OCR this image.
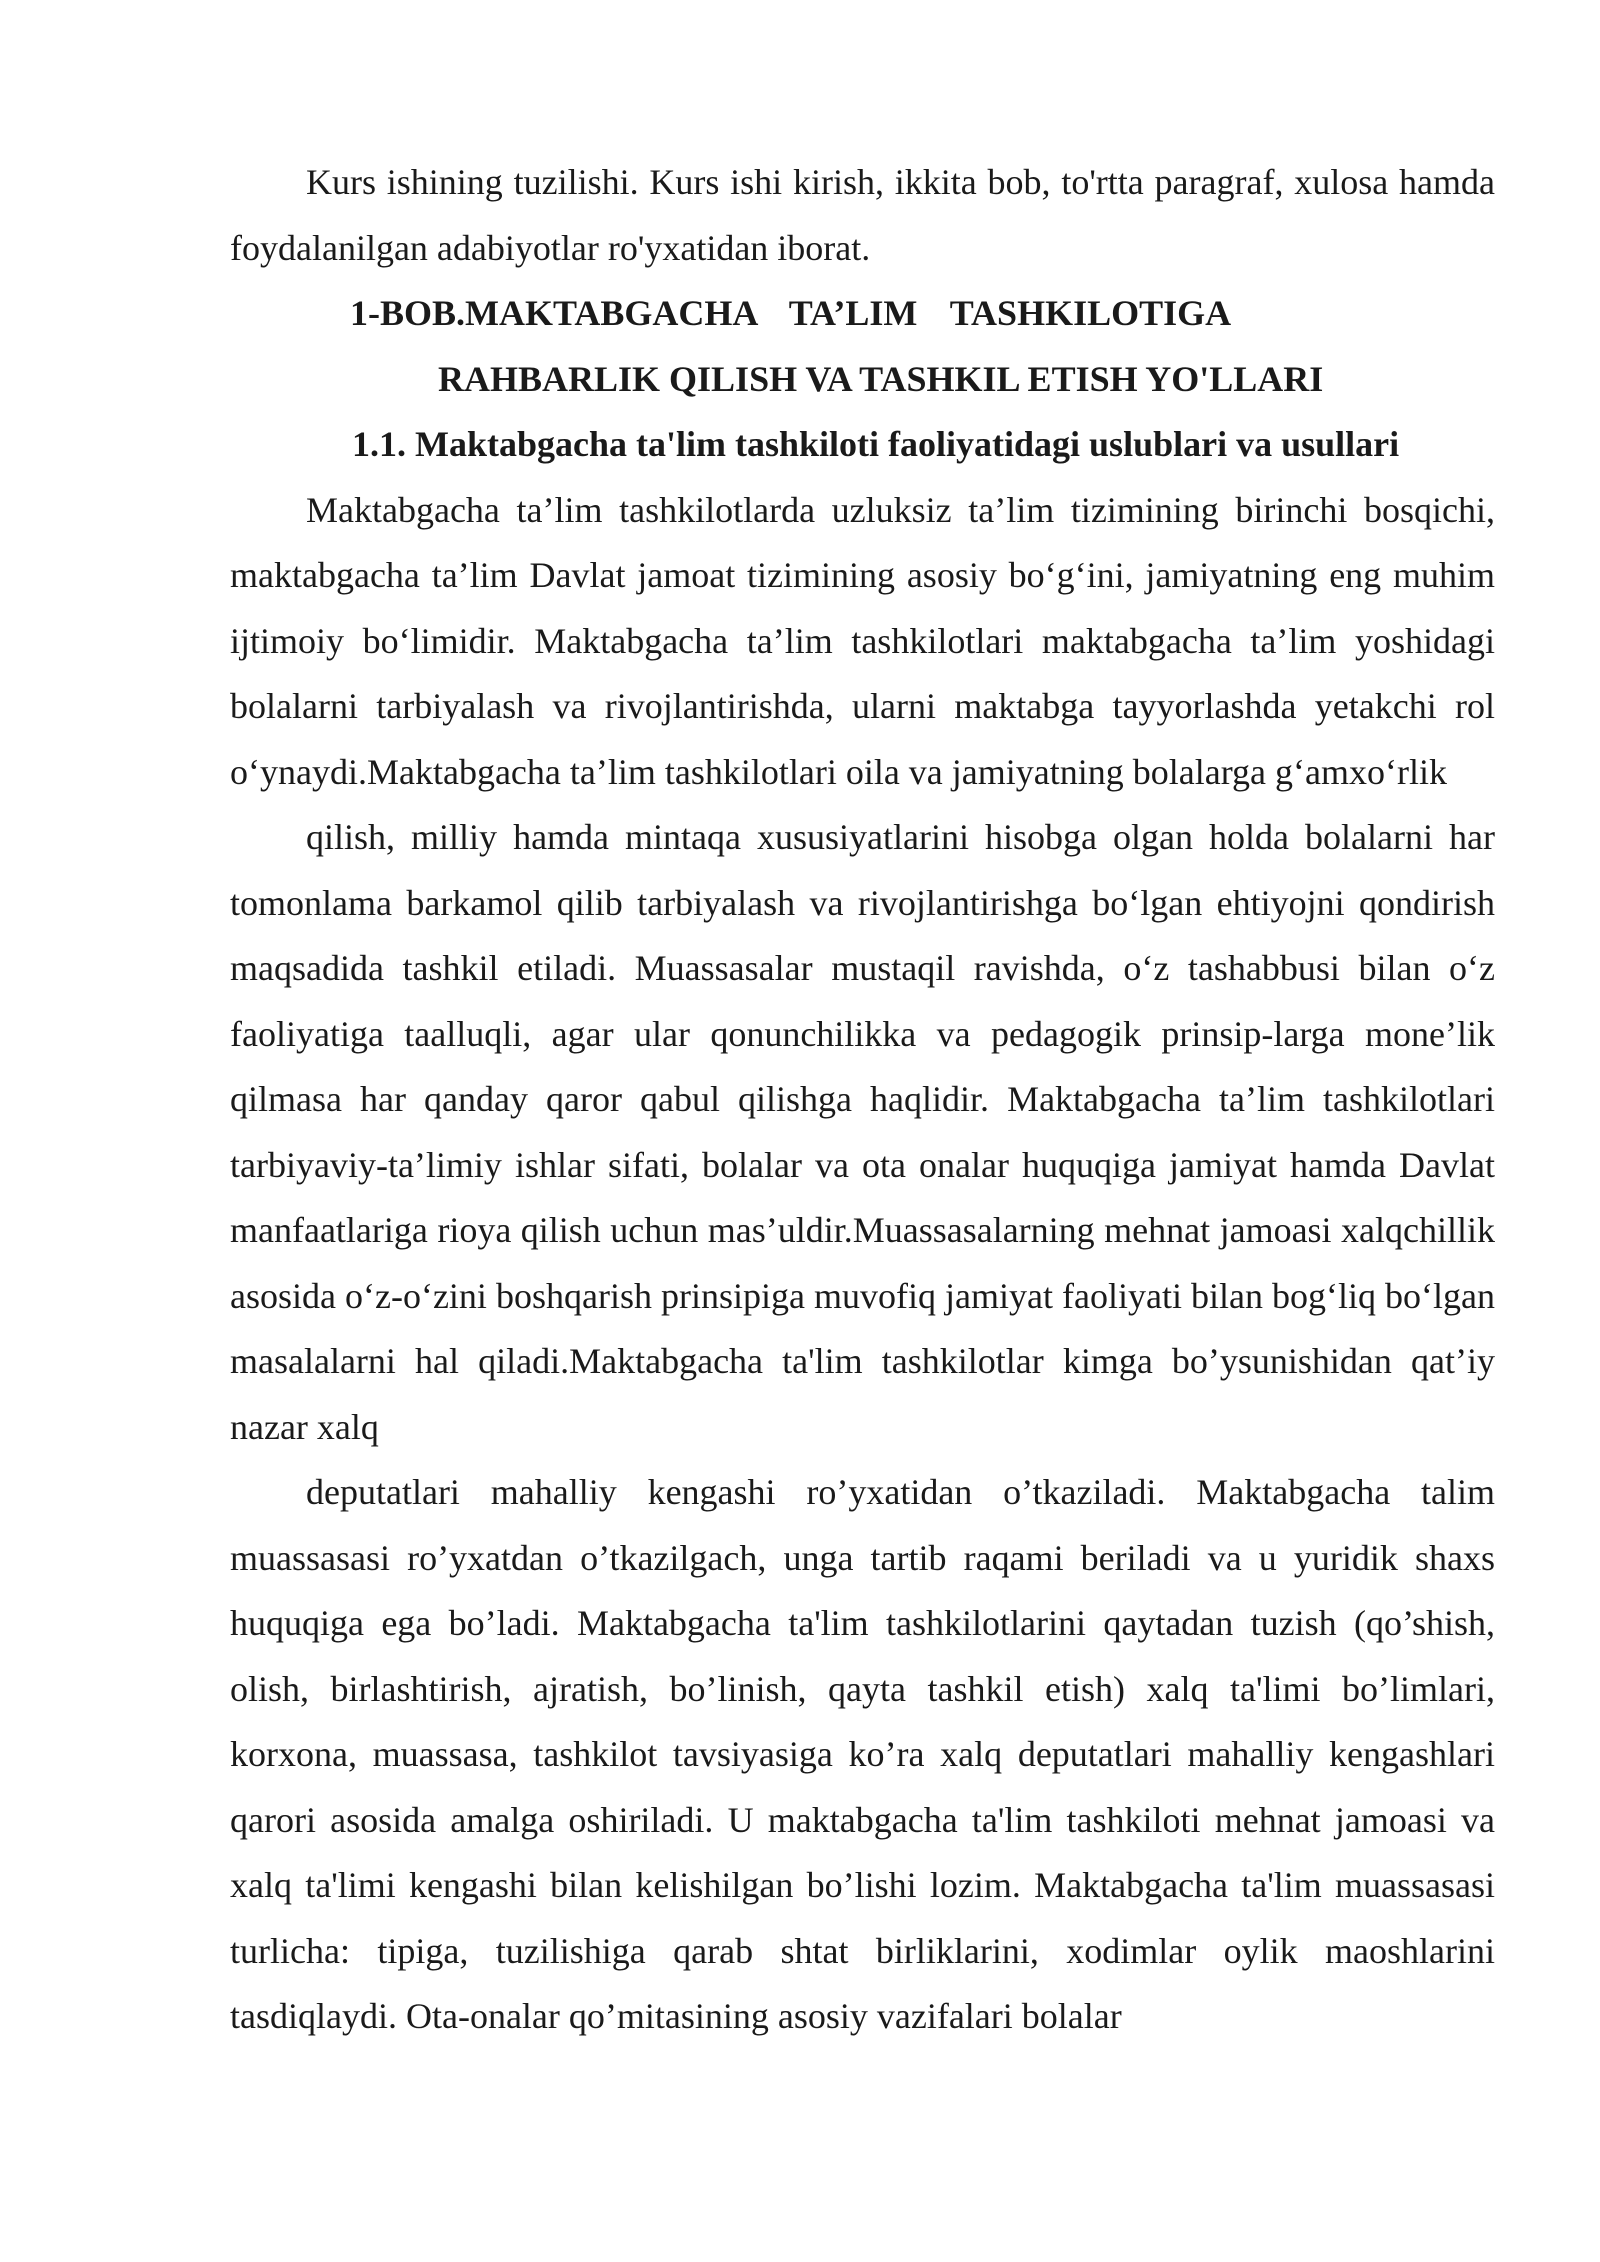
Kurs ishining tuzilishi. Kurs ishi kirish, ikkita bob, to'rtta paragraf, xulosa hamda foydalanilgan adabiyotlar ro'yxatidan iborat.

1-BOB.MAKTABGACHA TA’LIM TASHKILOTIGA
RAHBARLIK QILISH VA TASHKIL ETISH YO'LLARI
1.1. Maktabgacha ta'lim tashkiloti faoliyatidagi uslublari va usullari

Maktabgacha ta’lim tashkilotlarda uzluksiz ta’lim tizimining birinchi bosqichi, maktabgacha ta’lim Davlat jamoat tizimining asosiy bo‘g‘ini, jamiyatning eng muhim ijtimoiy bo‘limidir. Maktabgacha ta’lim tashkilotlari maktabgacha ta’lim yoshidagi bolalarni tarbiyalash va rivojlantirishda, ularni maktabga tayyorlashda yetakchi rol o‘ynaydi.Maktabgacha ta’lim tashkilotlari oila va jamiyatning bolalarga g‘amxo‘rlik

qilish, milliy hamda mintaqa xususiyatlarini hisobga olgan holda bolalarni har tomonlama barkamol qilib tarbiyalash va rivojlantirishga bo‘lgan ehtiyojni qondirish maqsadida tashkil etiladi. Muassasalar mustaqil ravishda, o‘z tashabbusi bilan o‘z faoliyatiga taalluqli, agar ular qonunchilikka va pedagogik prinsip-larga mone’lik qilmasa har qanday qaror qabul qilishga haqlidir. Maktabgacha ta’lim tashkilotlari tarbiyaviy-ta’limiy ishlar sifati, bolalar va ota onalar huquqiga jamiyat hamda Davlat manfaatlariga rioya qilish uchun mas’uldir.Muassasalarning mehnat jamoasi xalqchillik asosida o‘z-o‘zini boshqarish prinsipiga muvofiq jamiyat faoliyati bilan bog‘liq bo‘lgan masalalarni hal qiladi.Maktabgacha ta'lim tashkilotlar kimga bo’ysunishidan qat’iy nazar xalq

deputatlari mahalliy kengashi ro’yxatidan o’tkaziladi. Maktabgacha talim muassasasi ro’yxatdan o’tkazilgach, unga tartib raqami beriladi va u yuridik shaxs huquqiga ega bo’ladi. Maktabgacha ta'lim tashkilotlarini qaytadan tuzish (qo’shish, olish, birlashtirish, ajratish, bo’linish, qayta tashkil etish) xalq ta'limi bo’limlari, korxona, muassasa, tashkilot tavsiyasiga ko’ra xalq deputatlari mahalliy kengashlari qarori asosida amalga oshiriladi. U maktabgacha ta'lim tashkiloti mehnat jamoasi va xalq ta'limi kengashi bilan kelishilgan bo’lishi lozim. Maktabgacha ta'lim muassasasi turlicha: tipiga, tuzilishiga qarab shtat birliklarini, xodimlar oylik maoshlarini tasdiqlaydi. Ota-onalar qo’mitasining asosiy vazifalari bolalar
